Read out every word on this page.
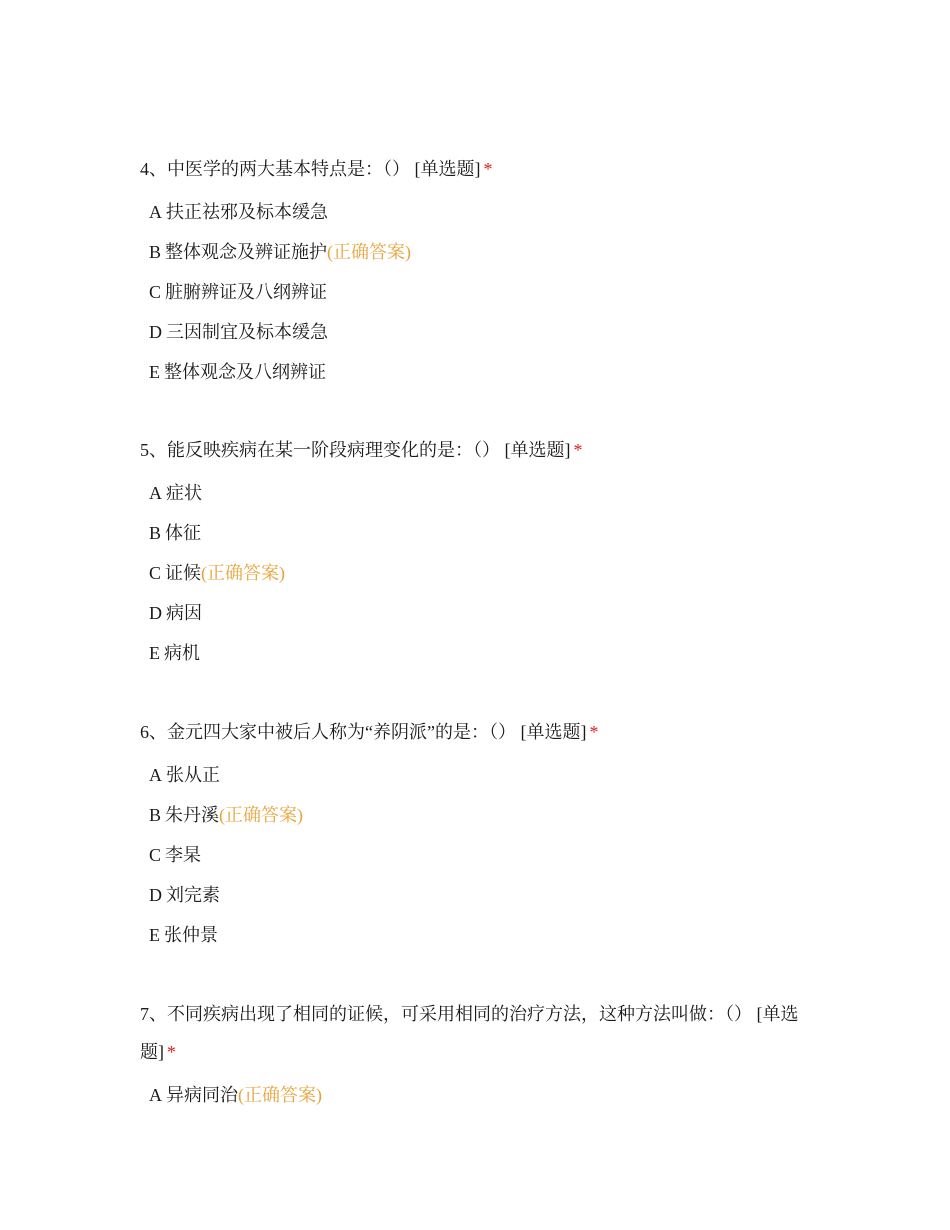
4、中医学的两大基本特点是：（） [单选题] *
A 扶正祛邪及标本缓急
B 整体观念及辨证施护(正确答案)
C 脏腑辨证及八纲辨证
D 三因制宜及标本缓急
E 整体观念及八纲辨证
5、能反映疾病在某一阶段病理变化的是：（） [单选题] *
A 症状
B 体征
C 证候(正确答案)
D 病因
E 病机
6、金元四大家中被后人称为“养阴派”的是：（） [单选题] *
A 张从正
B 朱丹溪(正确答案)
C 李杲
D 刘完素
E 张仲景
7、不同疾病出现了相同的证候，可采用相同的治疗方法，这种方法叫做：（） [单选题] *
A 异病同治(正确答案)
